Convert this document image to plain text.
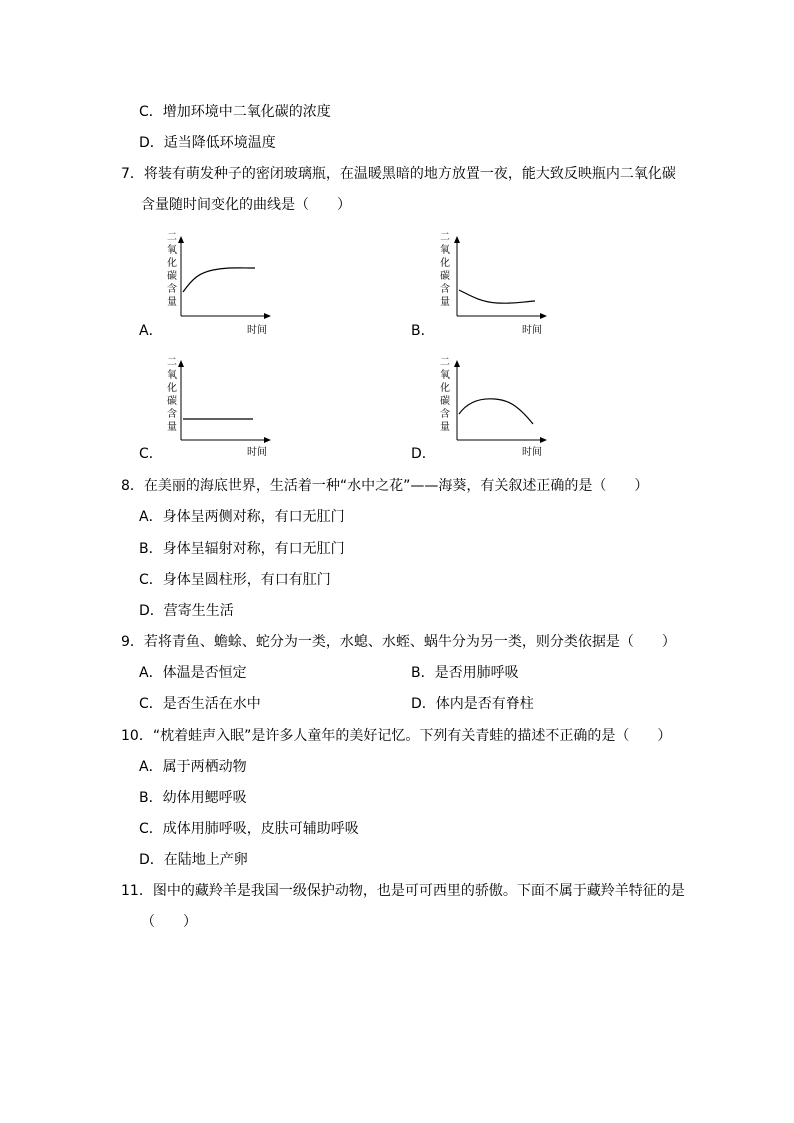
C．增加环境中二氧化碳的浓度
D．适当降低环境温度
7．将装有萌发种子的密闭玻璃瓶，在温暖黑暗的地方放置一夜，能大致反映瓶内二氧化碳
含量随时间变化的曲线是（　　）
二氧化碳含量
时间
A．
二氧化碳含量
时间
B．
二氧化碳含量
时间
C．
二氧化碳含量
时间
D．
8．在美丽的海底世界，生活着一种“水中之花”——海葵，有关叙述正确的是（　　）
A．身体呈两侧对称，有口无肛门
B．身体呈辐射对称，有口无肛门
C．身体呈圆柱形，有口有肛门
D．营寄生生活
9．若将青鱼、蟾蜍、蛇分为一类，水螅、水蛭、蜗牛分为另一类，则分类依据是（　　）
A．体温是否恒定	B．是否用肺呼吸
C．是否生活在水中	D．体内是否有脊柱
10．“枕着蛙声入眠”是许多人童年的美好记忆。下列有关青蛙的描述不正确的是（　　）
A．属于两栖动物
B．幼体用鳃呼吸
C．成体用肺呼吸，皮肤可辅助呼吸
D．在陆地上产卵
11．图中的藏羚羊是我国一级保护动物，也是可可西里的骄傲。下面不属于藏羚羊特征的是
（　　）
